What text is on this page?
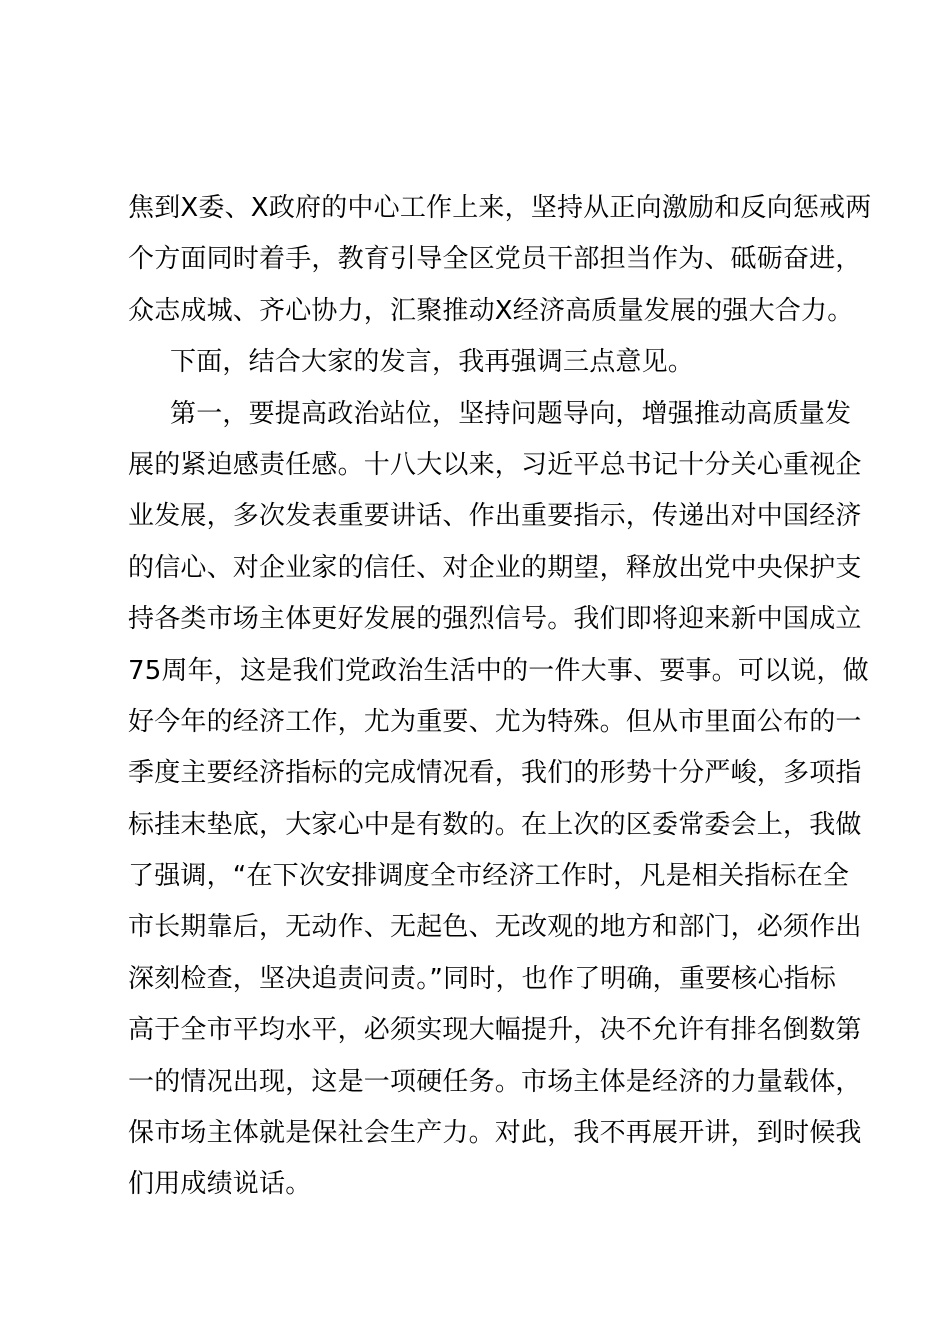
焦到X委、X政府的中心工作上来，坚持从正向激励和反向惩戒两
个方面同时着手，教育引导全区党员干部担当作为、砥砺奋进，
众志成城、齐心协力，汇聚推动X经济高质量发展的强大合力。
下面，结合大家的发言，我再强调三点意见。
第一，要提高政治站位，坚持问题导向，增强推动高质量发
展的紧迫感责任感。十八大以来，习近平总书记十分关心重视企
业发展，多次发表重要讲话、作出重要指示，传递出对中国经济
的信心、对企业家的信任、对企业的期望，释放出党中央保护支
持各类市场主体更好发展的强烈信号。我们即将迎来新中国成立
75周年，这是我们党政治生活中的一件大事、要事。可以说，做
好今年的经济工作，尤为重要、尤为特殊。但从市里面公布的一
季度主要经济指标的完成情况看，我们的形势十分严峻，多项指
标挂末垫底，大家心中是有数的。在上次的区委常委会上，我做
了强调，“在下次安排调度全市经济工作时，凡是相关指标在全
市长期靠后，无动作、无起色、无改观的地方和部门，必须作出
深刻检查，坚决追责问责。”同时，也作了明确，重要核心指标
高于全市平均水平，必须实现大幅提升，决不允许有排名倒数第
一的情况出现，这是一项硬任务。市场主体是经济的力量载体，
保市场主体就是保社会生产力。对此，我不再展开讲，到时候我
们用成绩说话。
